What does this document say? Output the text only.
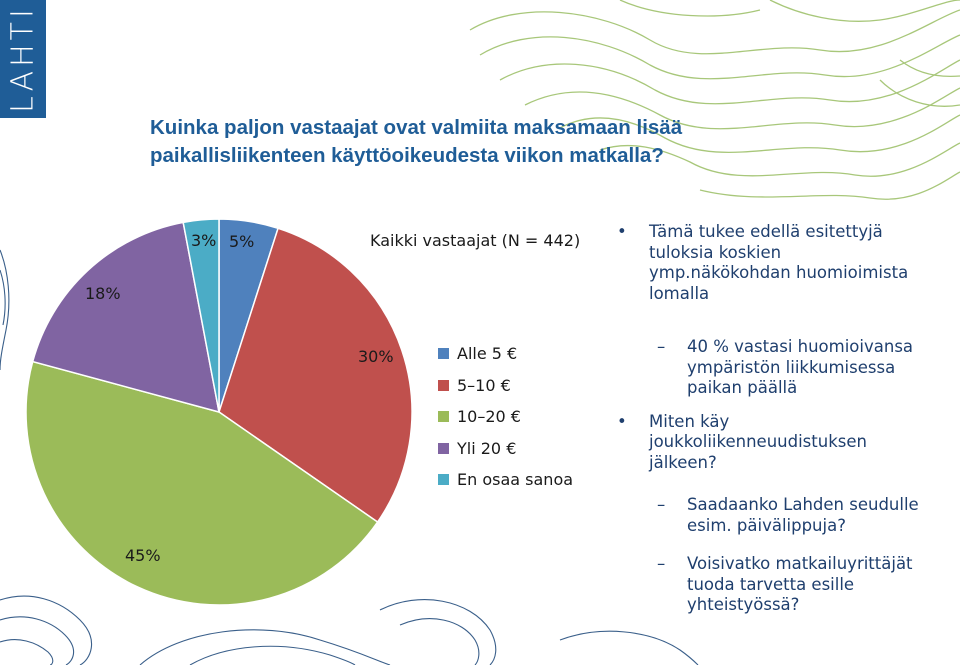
LAHTI
Kuinka paljon vastaajat ovat valmiita maksamaan lisää
paikallisliikenteen käyttöoikeudesta viikon matkalla?
Kaikki vastaajat (N = 442)
5%
30%
45%
18%
3%
Alle 5 €
5–10 €
10–20 €
Yli 20 €
En osaa sanoa
• Tämä tukee edellä esitettyjä tuloksia koskien ymp.näkökohdan huomioimista lomalla
– 40 % vastasi huomioivansa ympäristön liikkumisessa paikan päällä
• Miten käy joukkoliikenneuudistuksen jälkeen?
– Saadaanko Lahden seudulle esim. päivälippuja?
– Voisivatko matkailuyrittäjät tuoda tarvetta esille yhteistyössä?
